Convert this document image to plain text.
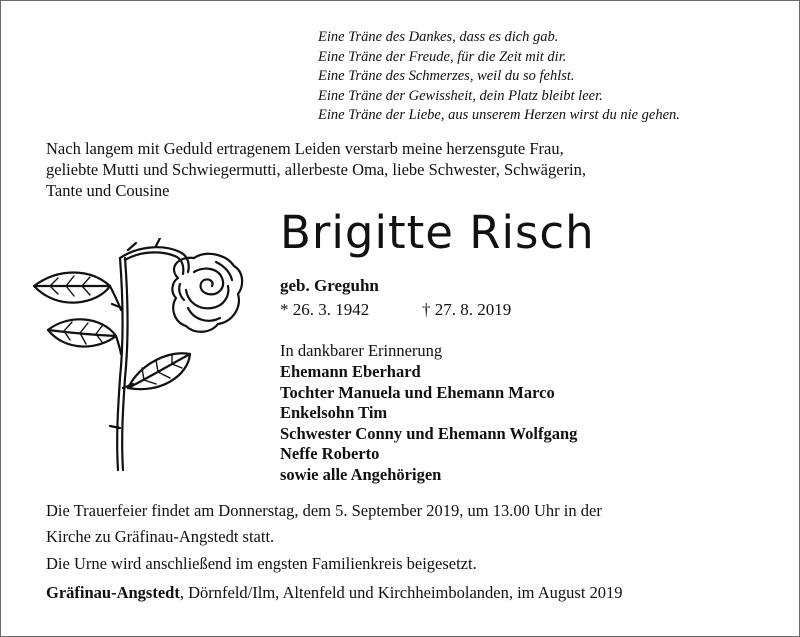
Eine Träne des Dankes, dass es dich gab.
Eine Träne der Freude, für die Zeit mit dir.
Eine Träne des Schmerzes, weil du so fehlst.
Eine Träne der Gewissheit, dein Platz bleibt leer.
Eine Träne der Liebe, aus unserem Herzen wirst du nie gehen.
Nach langem mit Geduld ertragenem Leiden verstarb meine herzensgute Frau,
geliebte Mutti und Schwiegermutti, allerbeste Oma, liebe Schwester, Schwägerin,
Tante und Cousine
Brigitte Risch
geb. Greguhn
* 26. 3. 1942	† 27. 8. 2019
In dankbarer Erinnerung
Ehemann Eberhard
Tochter Manuela und Ehemann Marco
Enkelsohn Tim
Schwester Conny und Ehemann Wolfgang
Neffe Roberto
sowie alle Angehörigen
Die Trauerfeier findet am Donnerstag, dem 5. September 2019, um 13.00 Uhr in der
Kirche zu Gräfinau-Angstedt statt.
Die Urne wird anschließend im engsten Familienkreis beigesetzt.
Gräfinau-Angstedt, Dörnfeld/Ilm, Altenfeld und Kirchheimbolanden, im August 2019
